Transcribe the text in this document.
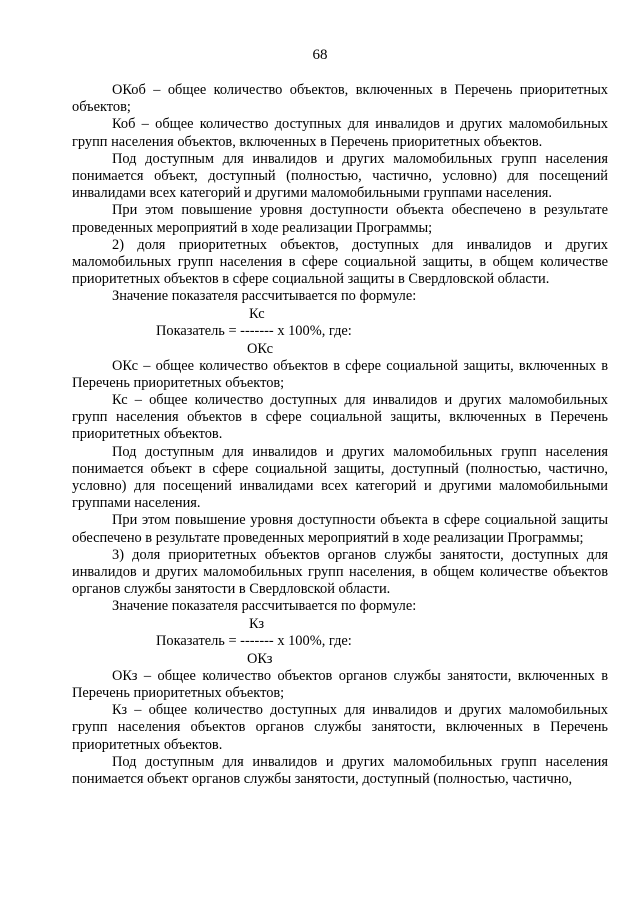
68

ОКоб – общее количество объектов, включенных в Перечень приоритетных объектов;

Коб – общее количество доступных для инвалидов и других маломобильных групп населения объектов, включенных в Перечень приоритетных объектов.

Под доступным для инвалидов и других маломобильных групп населения понимается объект, доступный (полностью, частично, условно) для посещений инвалидами всех категорий и другими маломобильными группами населения.

При этом повышение уровня доступности объекта обеспечено в результате проведенных мероприятий в ходе реализации Программы;

2) доля приоритетных объектов, доступных для инвалидов и других маломобильных групп населения в сфере социальной защиты, в общем количестве приоритетных объектов в сфере социальной защиты в Свердловской области.

Значение показателя рассчитывается по формуле:

Кс
Показатель = ------- x 100%, где:
ОКс

ОКс – общее количество объектов в сфере социальной защиты, включенных в Перечень приоритетных объектов;

Кс – общее количество доступных для инвалидов и других маломобильных групп населения объектов в сфере социальной защиты, включенных в Перечень приоритетных объектов.

Под доступным для инвалидов и других маломобильных групп населения понимается объект в сфере социальной защиты, доступный (полностью, частично, условно) для посещений инвалидами всех категорий и другими маломобильными группами населения.

При этом повышение уровня доступности объекта в сфере социальной защиты обеспечено в результате проведенных мероприятий в ходе реализации Программы;

3) доля приоритетных объектов органов службы занятости, доступных для инвалидов и других маломобильных групп населения, в общем количестве объектов органов службы занятости в Свердловской области.

Значение показателя рассчитывается по формуле:

Кз
Показатель = ------- x 100%, где:
ОКз

ОКз – общее количество объектов органов службы занятости, включенных в Перечень приоритетных объектов;

Кз – общее количество доступных для инвалидов и других маломобильных групп населения объектов органов службы занятости, включенных в Перечень приоритетных объектов.

Под доступным для инвалидов и других маломобильных групп населения понимается объект органов службы занятости, доступный (полностью, частично,
